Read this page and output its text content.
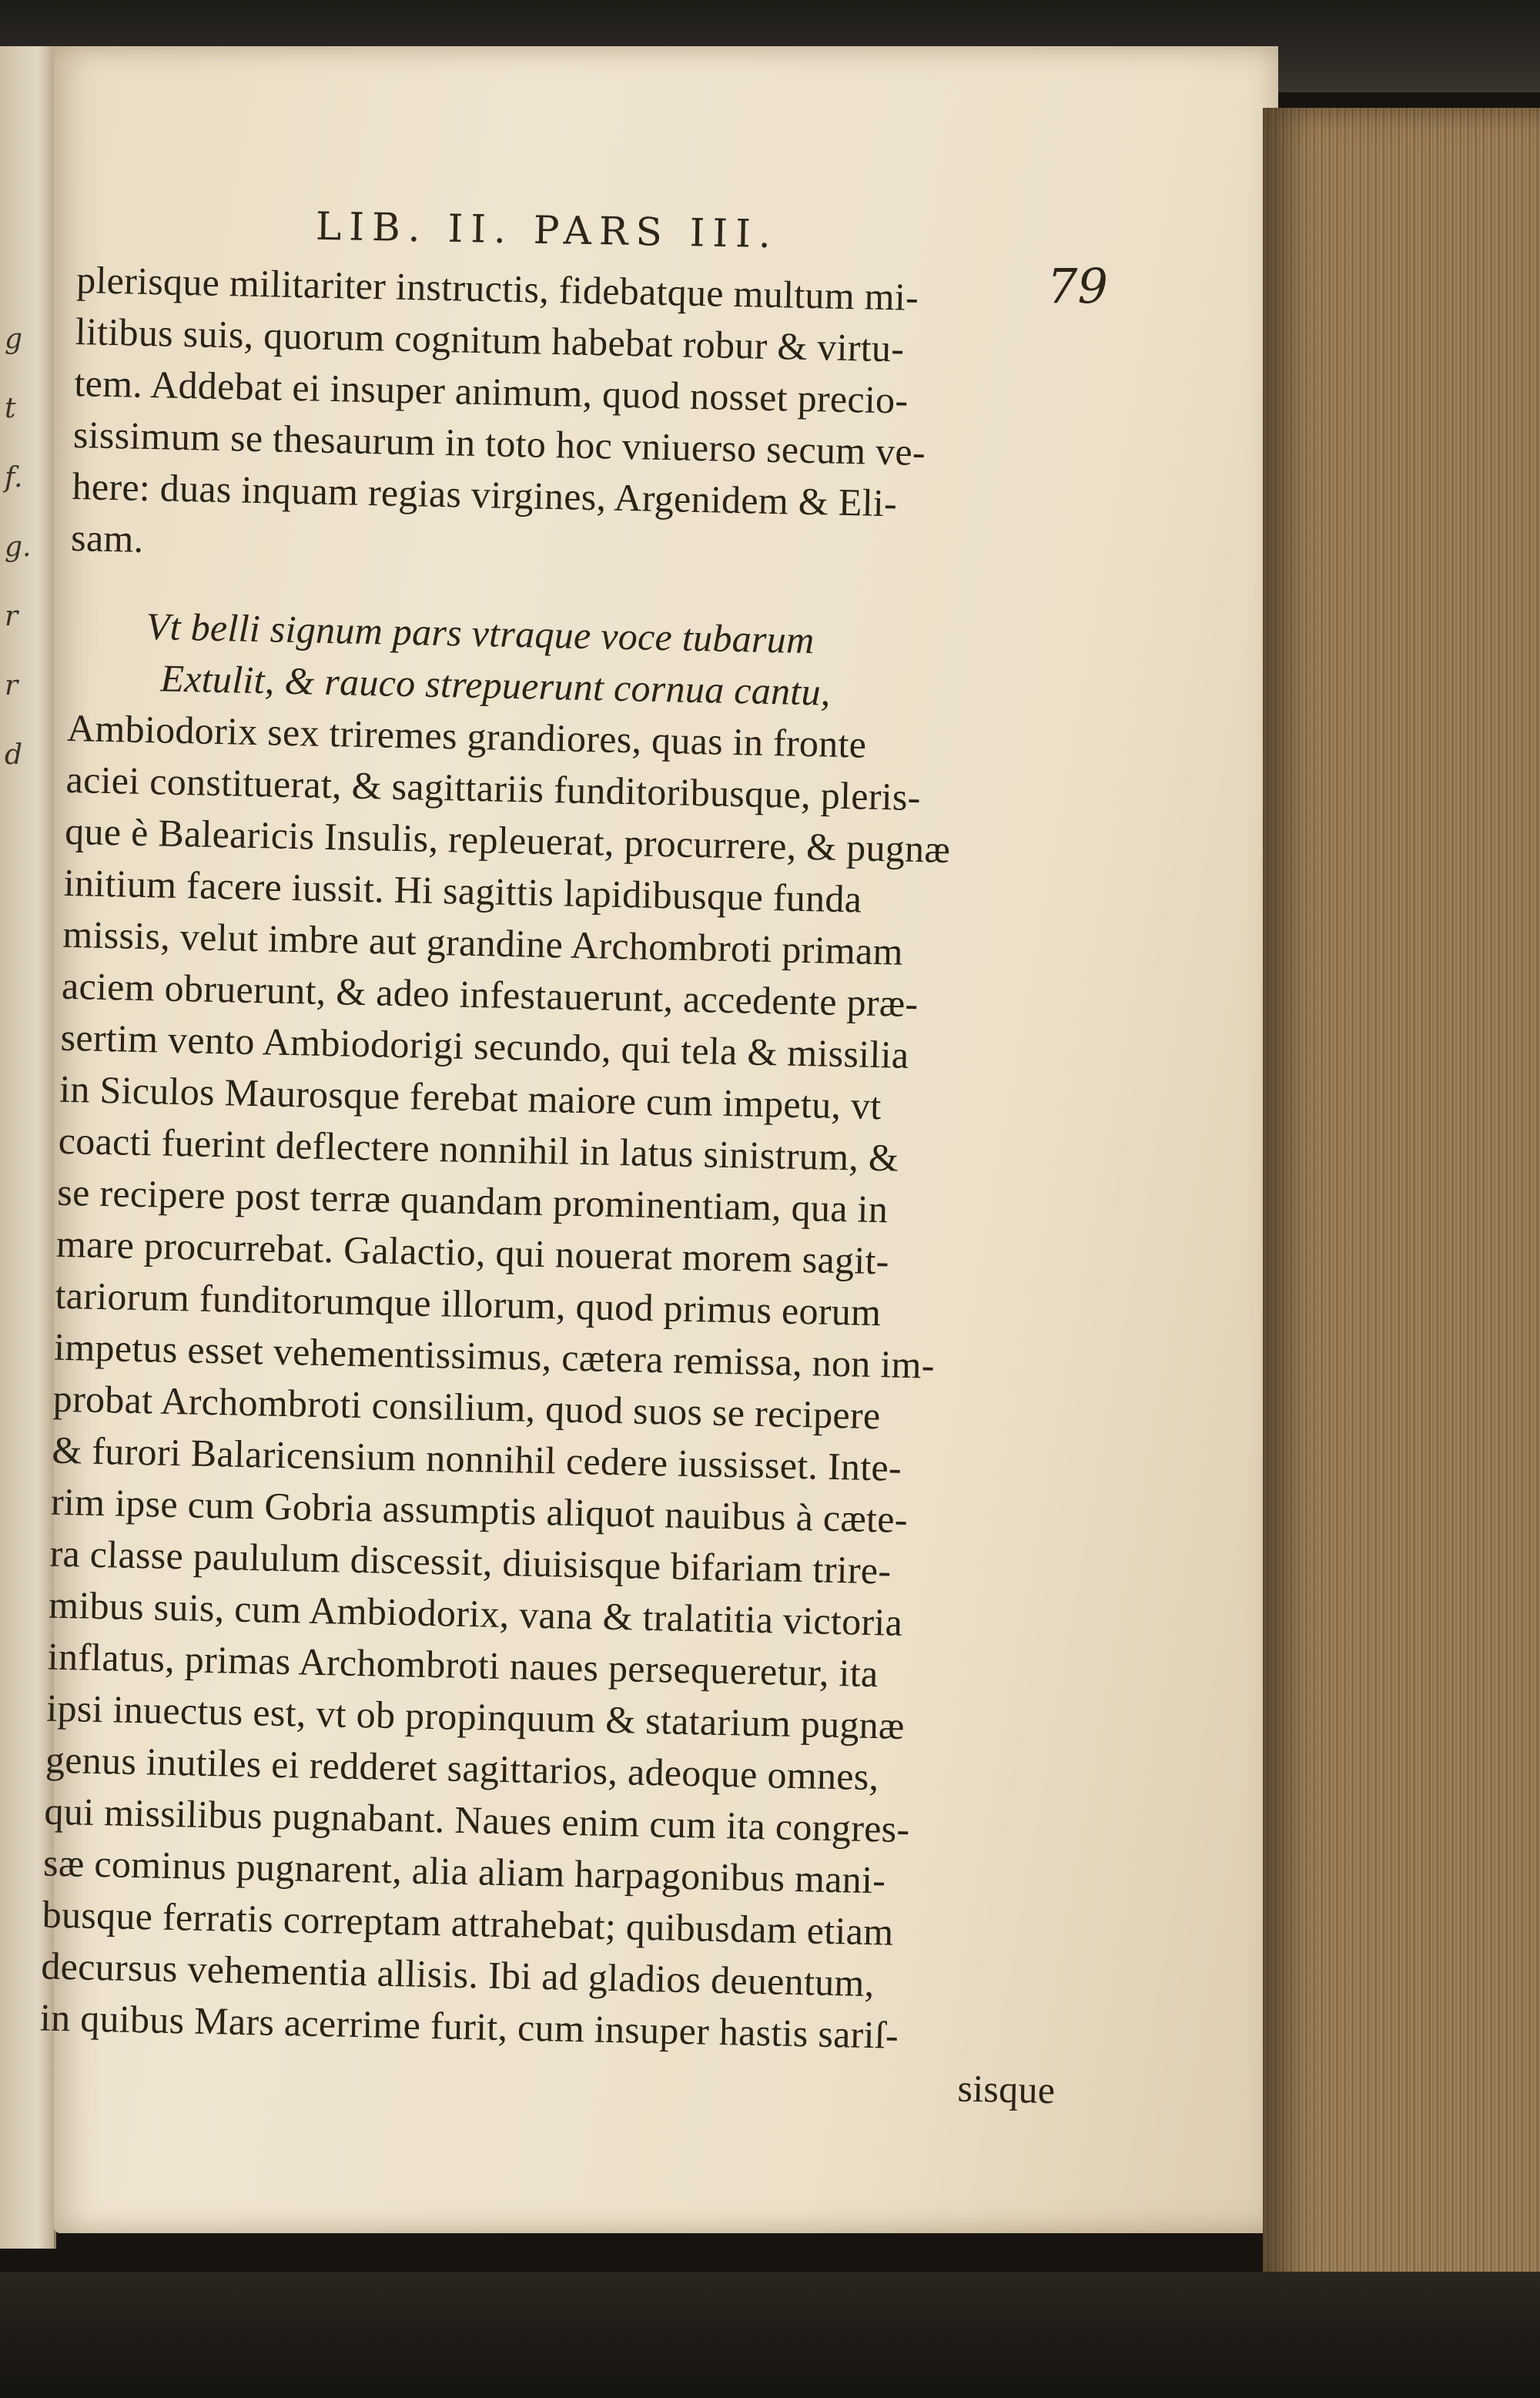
g
t
f.
g.
r
r
d
LIB. II. PARS III.
79
plerisque militariter instructis, fidebatque multum mi-
litibus suis, quorum cognitum habebat robur & virtu-
tem. Addebat ei insuper animum, quod nosset precio-
sissimum se thesaurum in toto hoc vniuerso secum ve-
here: duas inquam regias virgines, Argenidem & Eli-
sam.
Vt belli signum pars vtraque voce tubarum
Extulit, & rauco strepuerunt cornua cantu,
Ambiodorix sex triremes grandiores, quas in fronte
aciei constituerat, & sagittariis funditoribusque, pleris-
que è Balearicis Insulis, repleuerat, procurrere, & pugnæ
initium facere iussit. Hi sagittis lapidibusque funda
missis, velut imbre aut grandine Archombroti primam
aciem obruerunt, & adeo infestauerunt, accedente præ-
sertim vento Ambiodorigi secundo, qui tela & missilia
in Siculos Maurosque ferebat maiore cum impetu, vt
coacti fuerint deflectere nonnihil in latus sinistrum, &
se recipere post terræ quandam prominentiam, qua in
mare procurrebat. Galactio, qui nouerat morem sagit-
tariorum funditorumque illorum, quod primus eorum
impetus esset vehementissimus, cætera remissa, non im-
probat Archombroti consilium, quod suos se recipere
& furori Balaricensium nonnihil cedere iussisset. Inte-
rim ipse cum Gobria assumptis aliquot nauibus à cæte-
ra classe paululum discessit, diuisisque bifariam trire-
mibus suis, cum Ambiodorix, vana & tralatitia victoria
inflatus, primas Archombroti naues persequeretur, ita
ipsi inuectus est, vt ob propinquum & statarium pugnæ
genus inutiles ei redderet sagittarios, adeoque omnes,
qui missilibus pugnabant. Naues enim cum ita congres-
sæ cominus pugnarent, alia aliam harpagonibus mani-
busque ferratis correptam attrahebat; quibusdam etiam
decursus vehementia allisis. Ibi ad gladios deuentum,
in quibus Mars acerrime furit, cum insuper hastis sariſ-
sisque
